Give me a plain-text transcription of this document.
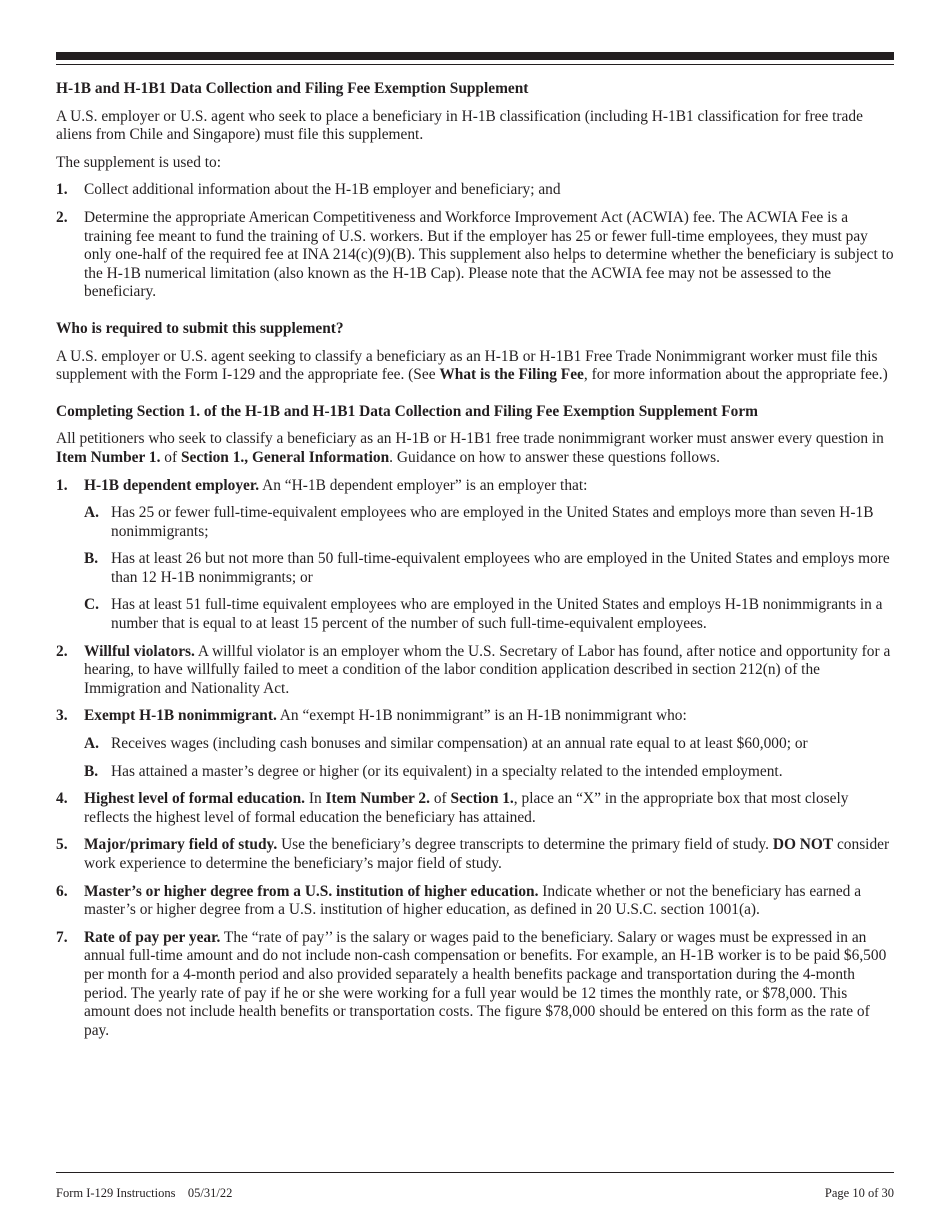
H-1B and H-1B1 Data Collection and Filing Fee Exemption Supplement

A U.S. employer or U.S. agent who seek to place a beneficiary in H-1B classification (including H-1B1 classification for free trade aliens from Chile and Singapore) must file this supplement.

The supplement is used to:

1.	Collect additional information about the H-1B employer and beneficiary; and
2.	Determine the appropriate American Competitiveness and Workforce Improvement Act (ACWIA) fee. The ACWIA Fee is a training fee meant to fund the training of U.S. workers. But if the employer has 25 or fewer full-time employees, they must pay only one-half of the required fee at INA 214(c)(9)(B). This supplement also helps to determine whether the beneficiary is subject to the H-1B numerical limitation (also known as the H-1B Cap). Please note that the ACWIA fee may not be assessed to the beneficiary.
Who is required to submit this supplement?

A U.S. employer or U.S. agent seeking to classify a beneficiary as an H-1B or H-1B1 Free Trade Nonimmigrant worker must file this supplement with the Form I-129 and the appropriate fee. (See What is the Filing Fee, for more information about the appropriate fee.)

Completing Section 1. of the H-1B and H-1B1 Data Collection and Filing Fee Exemption Supplement Form

All petitioners who seek to classify a beneficiary as an H-1B or H-1B1 free trade nonimmigrant worker must answer every question in Item Number 1. of Section 1., General Information. Guidance on how to answer these questions follows.

1.	H-1B dependent employer. An “H-1B dependent employer” is an employer that:
A. Has 25 or fewer full-time-equivalent employees who are employed in the United States and employs more than seven H-1B nonimmigrants;
B. Has at least 26 but not more than 50 full-time-equivalent employees who are employed in the United States and employs more than 12 H-1B nonimmigrants; or
C. Has at least 51 full-time equivalent employees who are employed in the United States and employs H-1B nonimmigrants in a number that is equal to at least 15 percent of the number of such full-time-equivalent employees.
2.	Willful violators. A willful violator is an employer whom the U.S. Secretary of Labor has found, after notice and opportunity for a hearing, to have willfully failed to meet a condition of the labor condition application described in section 212(n) of the Immigration and Nationality Act.
3.	Exempt H-1B nonimmigrant. An “exempt H-1B nonimmigrant” is an H-1B nonimmigrant who:
A. Receives wages (including cash bonuses and similar compensation) at an annual rate equal to at least $60,000; or
B. Has attained a master’s degree or higher (or its equivalent) in a specialty related to the intended employment.
4.	Highest level of formal education. In Item Number 2. of Section 1., place an “X” in the appropriate box that most closely reflects the highest level of formal education the beneficiary has attained.
5.	Major/primary field of study. Use the beneficiary’s degree transcripts to determine the primary field of study. DO NOT consider work experience to determine the beneficiary’s major field of study.
6.	Master’s or higher degree from a U.S. institution of higher education. Indicate whether or not the beneficiary has earned a master’s or higher degree from a U.S. institution of higher education, as defined in 20 U.S.C. section 1001(a).
7.	Rate of pay per year. The “rate of pay’’ is the salary or wages paid to the beneficiary. Salary or wages must be expressed in an annual full-time amount and do not include non-cash compensation or benefits. For example, an H-1B worker is to be paid $6,500 per month for a 4-month period and also provided separately a health benefits package and transportation during the 4-month period. The yearly rate of pay if he or she were working for a full year would be 12 times the monthly rate, or $78,000. This amount does not include health benefits or transportation costs. The figure $78,000 should be entered on this form as the rate of pay.
Form I-129 Instructions    05/31/22	Page 10 of 30
